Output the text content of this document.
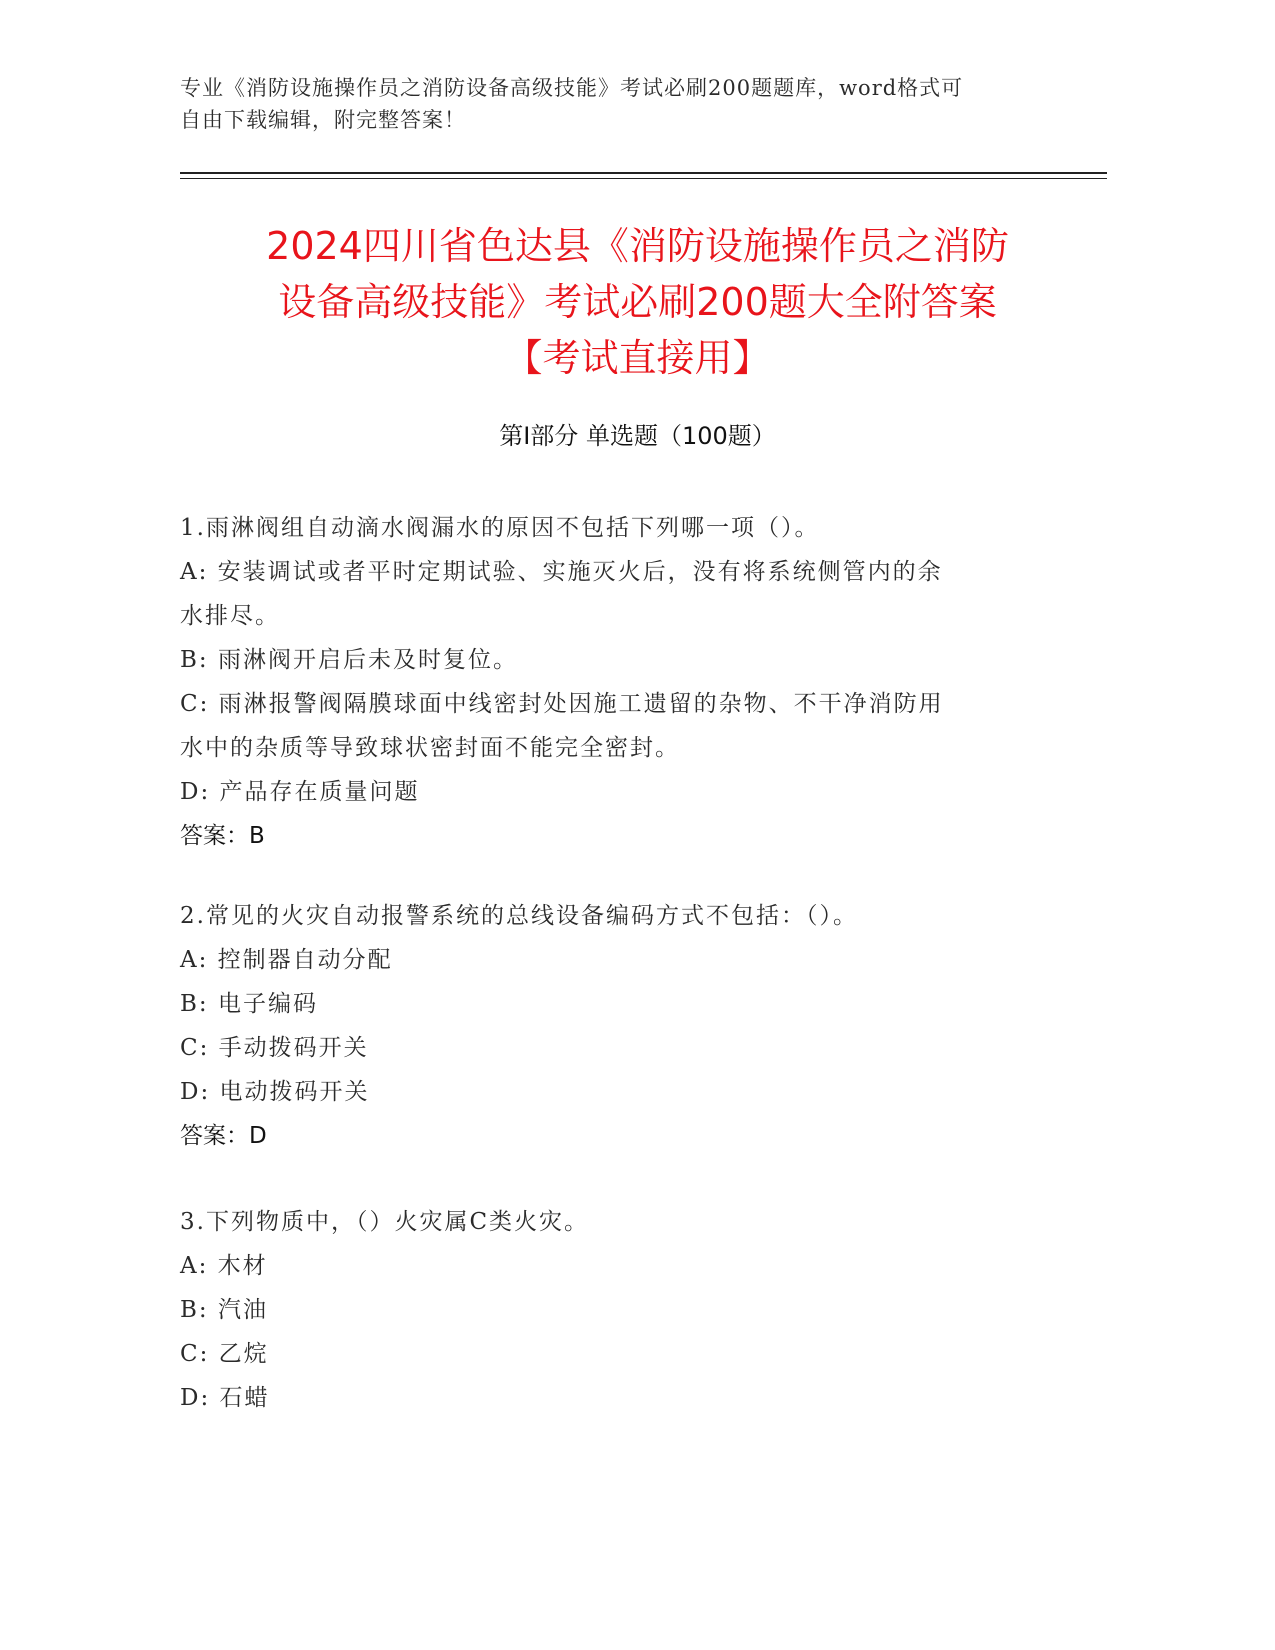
专业《消防设施操作员之消防设备高级技能》考试必刷200题题库，word格式可
自由下载编辑，附完整答案！
2024四川省色达县《消防设施操作员之消防
设备高级技能》考试必刷200题大全附答案
【考试直接用】
第Ⅰ部分 单选题（100题）

1.雨淋阀组自动滴水阀漏水的原因不包括下列哪一项（）。

A: 安装调试或者平时定期试验、实施灭火后，没有将系统侧管内的余

水排尽。

B: 雨淋阀开启后未及时复位。

C: 雨淋报警阀隔膜球面中线密封处因施工遗留的杂物、不干净消防用

水中的杂质等导致球状密封面不能完全密封。

D: 产品存在质量问题

答案：B

2.常见的火灾自动报警系统的总线设备编码方式不包括：（）。

A: 控制器自动分配

B: 电子编码

C: 手动拨码开关

D: 电动拨码开关

答案：D

3.下列物质中，（）火灾属C类火灾。

A: 木材

B: 汽油

C: 乙烷

D: 石蜡
